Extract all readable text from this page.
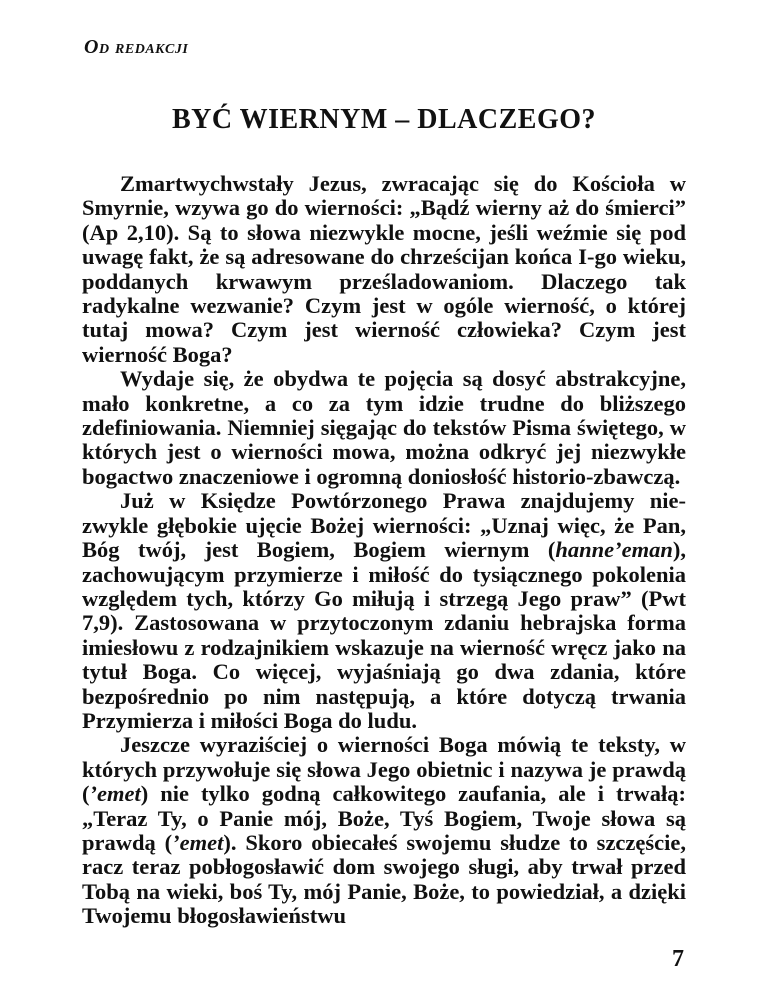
Od redakcji
BYĆ WIERNYM – DLACZEGO?

Zmartwychwstały Jezus, zwracając się do Kościoła w Smyrnie, wzywa go do wierności: „Bądź wierny aż do śmierci” (Ap 2,10). Są to słowa niezwykle mocne, jeśli weźmie się pod uwagę fakt, że są adresowane do chrześcijan końca I-go wieku, poddanych krwawym prześladowaniom. Dlaczego tak radykalne wezwanie? Czym jest w ogóle wierność, o której tutaj mowa? Czym jest wierność człowieka? Czym jest wierność Boga?

Wydaje się, że obydwa te pojęcia są dosyć abstrakcyjne, mało konkretne, a co za tym idzie trudne do bliższego zdefiniowania. Niemniej sięgając do tekstów Pisma świętego, w których jest o wierności mowa, można odkryć jej niezwykłe bogactwo znaczeniowe i ogromną doniosłość historio-zbawczą.

Już w Księdze Powtórzonego Prawa znajdujemy niezwykle głębokie ujęcie Bożej wierności: „Uznaj więc, że Pan, Bóg twój, jest Bogiem, Bogiem wiernym (hanne’eman), zachowującym przymierze i miłość do tysiącznego pokolenia względem tych, którzy Go miłują i strzegą Jego praw” (Pwt 7,9). Zastosowana w przytoczonym zdaniu hebrajska forma imiesłowu z rodzajnikiem wskazuje na wierność wręcz jako na tytuł Boga. Co więcej, wyjaśniają go dwa zdania, które bezpośrednio po nim następują, a które dotyczą trwania Przymierza i miłości Boga do ludu.

Jeszcze wyraziściej o wierności Boga mówią te teksty, w których przywołuje się słowa Jego obietnic i nazywa je prawdą (’emet) nie tylko godną całkowitego zaufania, ale i trwałą: „Teraz Ty, o Panie mój, Boże, Tyś Bogiem, Twoje słowa są prawdą (’emet). Skoro obiecałeś swojemu słudze to szczęście, racz teraz pobłogosławić dom swojego sługi, aby trwał przed Tobą na wieki, boś Ty, mój Panie, Boże, to powiedział, a dzięki Twojemu błogosławieństwu

7
